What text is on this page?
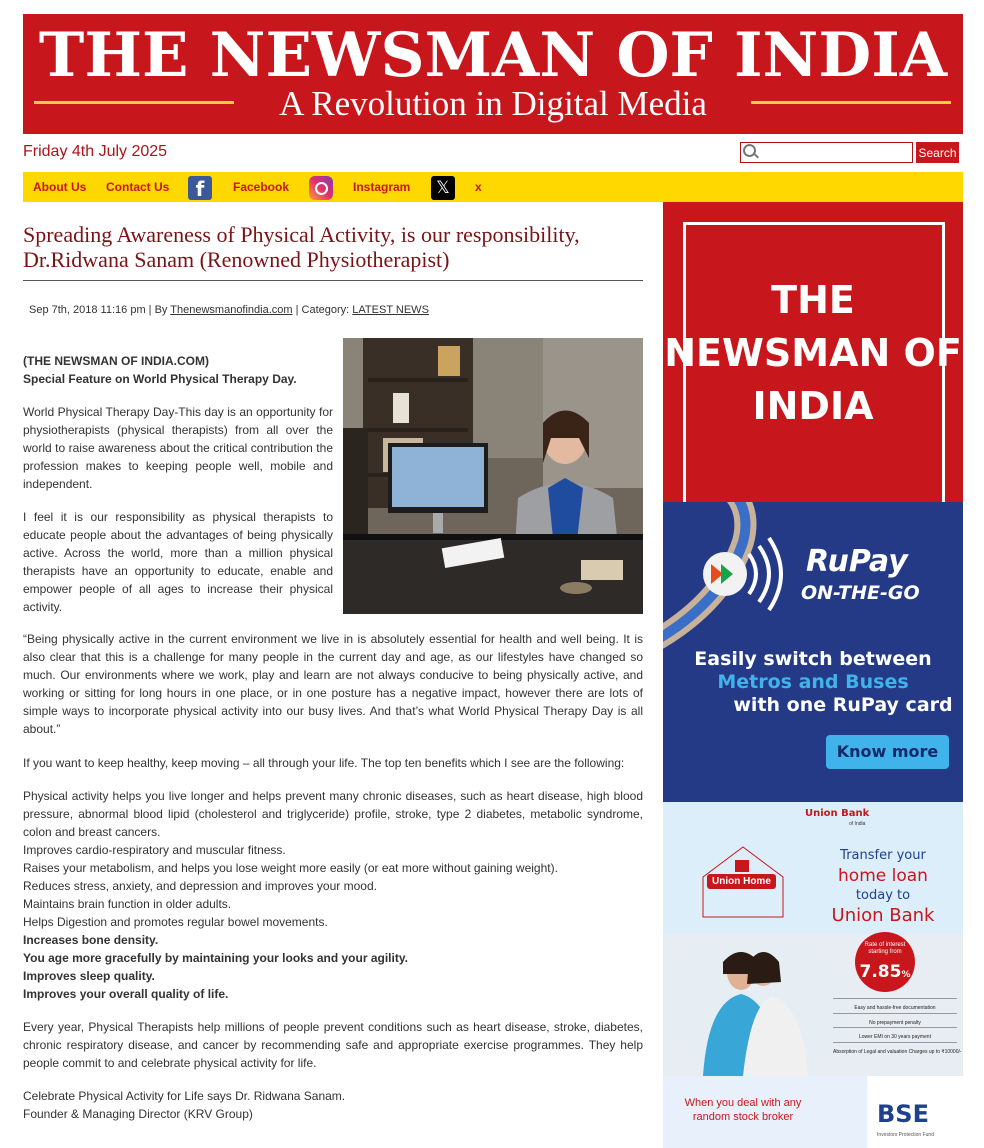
THE NEWSMAN OF INDIA
A Revolution in Digital Media
Friday 4th July 2025	Search
About Us Contact Us	f	Facebook	Instagram	𝕏	x
Spreading Awareness of Physical Activity, is our responsibility, Dr.Ridwana Sanam (Renowned Physiotherapist)
Sep 7th, 2018 11:16 pm | By Thenewsmanofindia.com | Category: LATEST NEWS

(THE NEWSMAN OF INDIA.COM)
Special Feature on World Physical Therapy Day.

World Physical Therapy Day-This day is an opportunity for physiotherapists (physical therapists) from all over the world to raise awareness about the critical contribution the profession makes to keeping people well, mobile and independent.

I feel it is our responsibility as physical therapists to educate people about the advantages of being physically active. Across the world, more than a million physical therapists have an opportunity to educate, enable and empower people of all ages to increase their physical activity.

“Being physically active in the current environment we live in is absolutely essential for health and well being. It is also clear that this is a challenge for many people in the current day and age, as our lifestyles have changed so much. Our environments where we work, play and learn are not always conducive to being physically active, and working or sitting for long hours in one place, or in one posture has a negative impact, however there are lots of simple ways to incorporate physical activity into our busy lives. And that’s what World Physical Therapy Day is all about.”

If you want to keep healthy, keep moving – all through your life. The top ten benefits which I see are the following:

Physical activity helps you live longer and helps prevent many chronic diseases, such as heart disease, high blood pressure, abnormal blood lipid (cholesterol and triglyceride) profile, stroke, type 2 diabetes, metabolic syndrome, colon and breast cancers.
Improves cardio-respiratory and muscular fitness.
Raises your metabolism, and helps you lose weight more easily (or eat more without gaining weight).
Reduces stress, anxiety, and depression and improves your mood.
Maintains brain function in older adults.
Helps Digestion and promotes regular bowel movements.
Increases bone density.
You age more gracefully by maintaining your looks and your agility.
Improves sleep quality.
Improves your overall quality of life.

Every year, Physical Therapists help millions of people prevent conditions such as heart disease, stroke, diabetes, chronic respiratory disease, and cancer by recommending safe and appropriate exercise programmes. They help people commit to and celebrate physical activity for life.

Celebrate Physical Activity for Life says Dr. Ridwana Sanam.
Founder & Managing Director (KRV Group)

THE NEWSMAN OF INDIA
RuPay
ON-THE-GO
Easily switch between
Metros and Buses
with one RuPay card
Know more
Union Bank
of India
Union Home
Transfer your
home loan
today to
Union Bank
Rate of interest starting from
7.85%
Easy and hassle-free documentation
No prepayment penalty
Lower EMI on 30 years payment
Absorption of Legal and valuation Charges up to ₹10000/-
When you deal with any random stock broker	BSE
Investors Protection Fund
